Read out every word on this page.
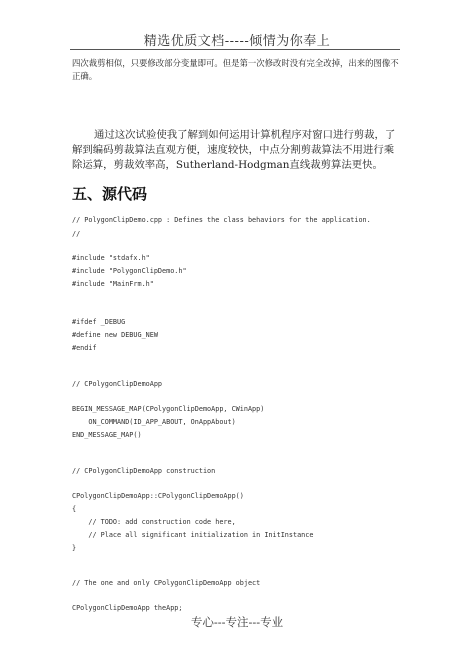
精选优质文档-----倾情为你奉上

四次裁剪相似，只要修改部分变量即可。但是第一次修改时没有完全改掉，出来的图像不正确。

通过这次试验使我了解到如何运用计算机程序对窗口进行剪裁，了解到编码剪裁算法直观方便，速度较快，中点分割剪裁算法不用进行乘除运算，剪裁效率高，Sutherland-Hodgman直线裁剪算法更快。

五、源代码
// PolygonClipDemo.cpp : Defines the class behaviors for the application.
//
#include "stdafx.h"
#include "PolygonClipDemo.h"
#include "MainFrm.h"
#ifdef _DEBUG
#define new DEBUG_NEW
#endif
// CPolygonClipDemoApp
BEGIN_MESSAGE_MAP(CPolygonClipDemoApp, CWinApp)
ON_COMMAND(ID_APP_ABOUT, OnAppAbout)
END_MESSAGE_MAP()
// CPolygonClipDemoApp construction
CPolygonClipDemoApp::CPolygonClipDemoApp()
{
// TODO: add construction code here,
// Place all significant initialization in InitInstance
}
// The one and only CPolygonClipDemoApp object
CPolygonClipDemoApp theApp;
专心---专注---专业
